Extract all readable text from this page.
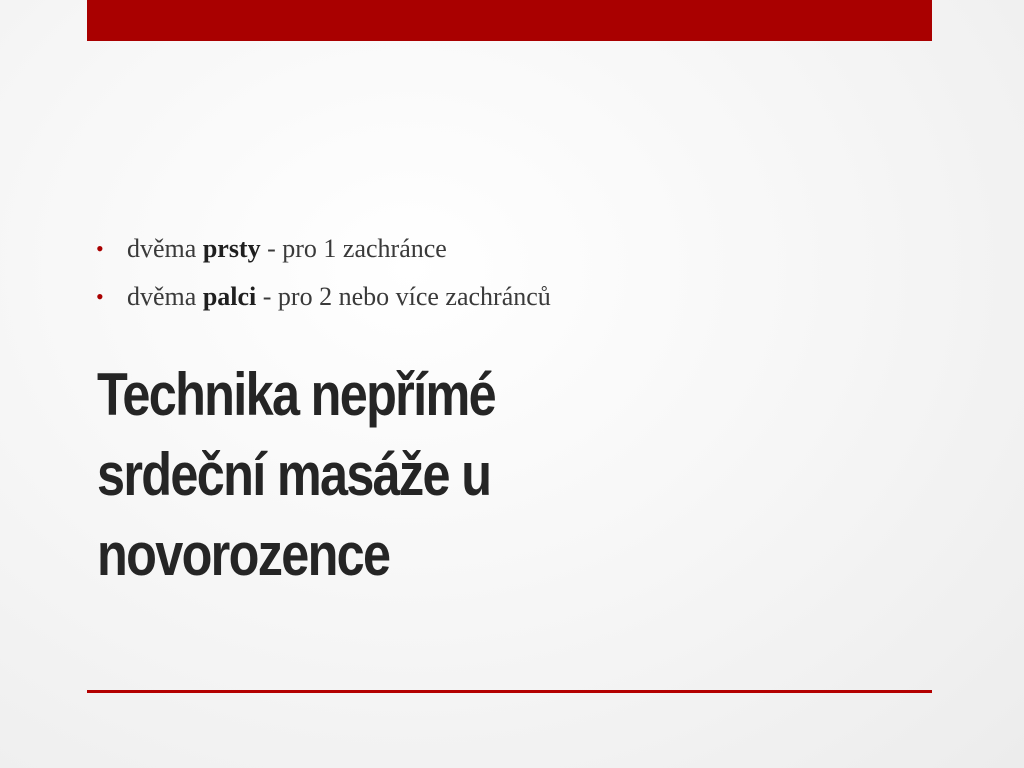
• dvěma prsty - pro 1 zachránce
• dvěma palci - pro 2 nebo více zachránců
Technika nepřímé
srdeční masáže u
novorozence
